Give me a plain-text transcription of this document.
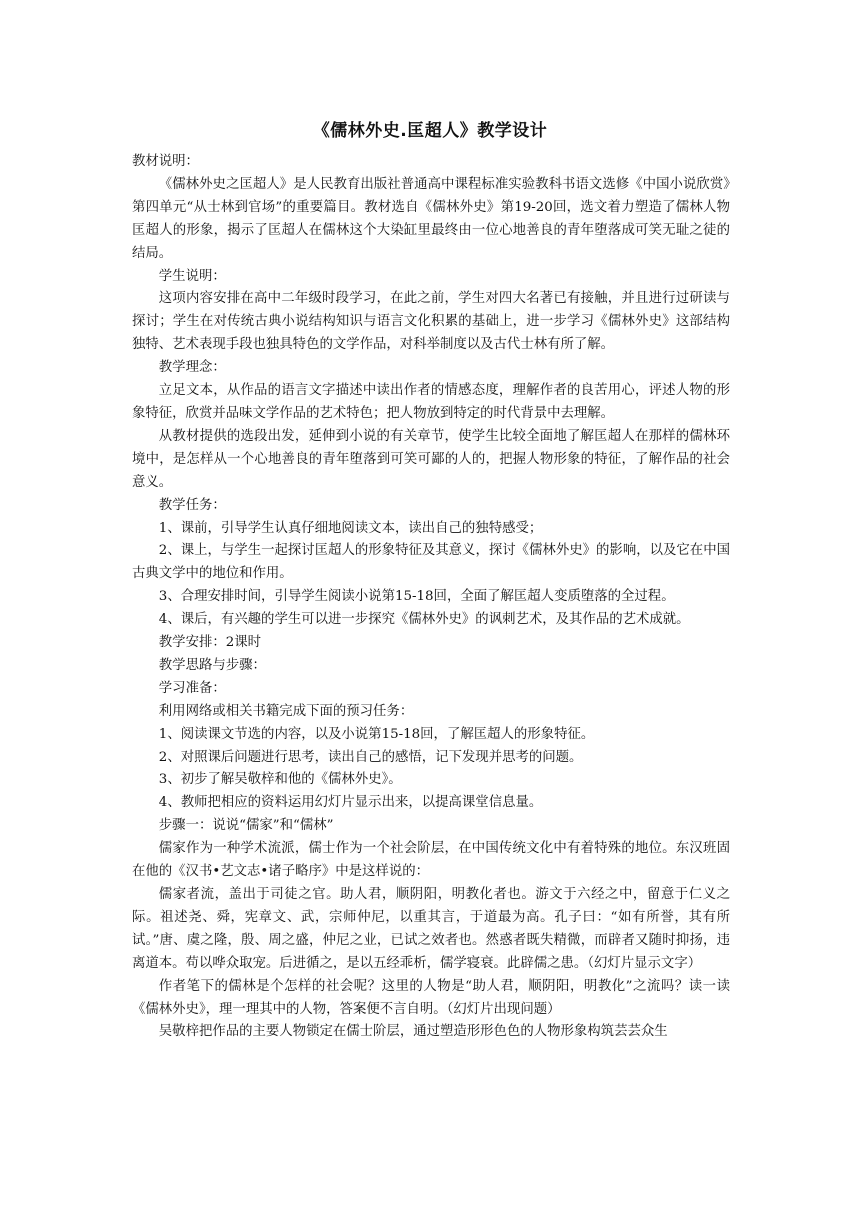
《儒林外史.匡超人》教学设计

教材说明：

《儒林外史之匡超人》是人民教育出版社普通高中课程标准实验教科书语文选修《中国小说欣赏》第四单元“从士林到官场”的重要篇目。教材选自《儒林外史》第19-20回，选文着力塑造了儒林人物匡超人的形象，揭示了匡超人在儒林这个大染缸里最终由一位心地善良的青年堕落成可笑无耻之徒的结局。

学生说明：

这项内容安排在高中二年级时段学习，在此之前，学生对四大名著已有接触，并且进行过研读与探讨；学生在对传统古典小说结构知识与语言文化积累的基础上，进一步学习《儒林外史》这部结构独特、艺术表现手段也独具特色的文学作品，对科举制度以及古代士林有所了解。

教学理念：

立足文本，从作品的语言文字描述中读出作者的情感态度，理解作者的良苦用心，评述人物的形象特征，欣赏并品味文学作品的艺术特色；把人物放到特定的时代背景中去理解。

从教材提供的选段出发，延伸到小说的有关章节，使学生比较全面地了解匡超人在那样的儒林环境中，是怎样从一个心地善良的青年堕落到可笑可鄙的人的，把握人物形象的特征，了解作品的社会意义。

教学任务：

1、课前，引导学生认真仔细地阅读文本，读出自己的独特感受；

2、课上，与学生一起探讨匡超人的形象特征及其意义，探讨《儒林外史》的影响，以及它在中国古典文学中的地位和作用。

3、合理安排时间，引导学生阅读小说第15-18回，全面了解匡超人变质堕落的全过程。

4、课后，有兴趣的学生可以进一步探究《儒林外史》的讽刺艺术，及其作品的艺术成就。

教学安排：2课时

教学思路与步骤：

学习准备：

利用网络或相关书籍完成下面的预习任务：

1、阅读课文节选的内容，以及小说第15-18回，了解匡超人的形象特征。

2、对照课后问题进行思考，读出自己的感悟，记下发现并思考的问题。

3、初步了解吴敬梓和他的《儒林外史》。

4、教师把相应的资料运用幻灯片显示出来，以提高课堂信息量。

步骤一：说说“儒家”和“儒林”

儒家作为一种学术流派，儒士作为一个社会阶层，在中国传统文化中有着特殊的地位。东汉班固在他的《汉书•艺文志•诸子略序》中是这样说的：

儒家者流，盖出于司徒之官。助人君，顺阴阳，明教化者也。游文于六经之中，留意于仁义之际。祖述尧、舜，宪章文、武，宗师仲尼，以重其言，于道最为高。孔子曰：“如有所誉，其有所试。”唐、虞之隆，殷、周之盛，仲尼之业，已试之效者也。然惑者既失精微，而辟者又随时抑扬，违离道本。苟以哗众取宠。后进循之，是以五经乖析，儒学寝衰。此辟儒之患。（幻灯片显示文字）

作者笔下的儒林是个怎样的社会呢？这里的人物是“助人君，顺阴阳，明教化”之流吗？读一读《儒林外史》，理一理其中的人物，答案便不言自明。（幻灯片出现问题）

吴敬梓把作品的主要人物锁定在儒士阶层，通过塑造形形色色的人物形象构筑芸芸众生
